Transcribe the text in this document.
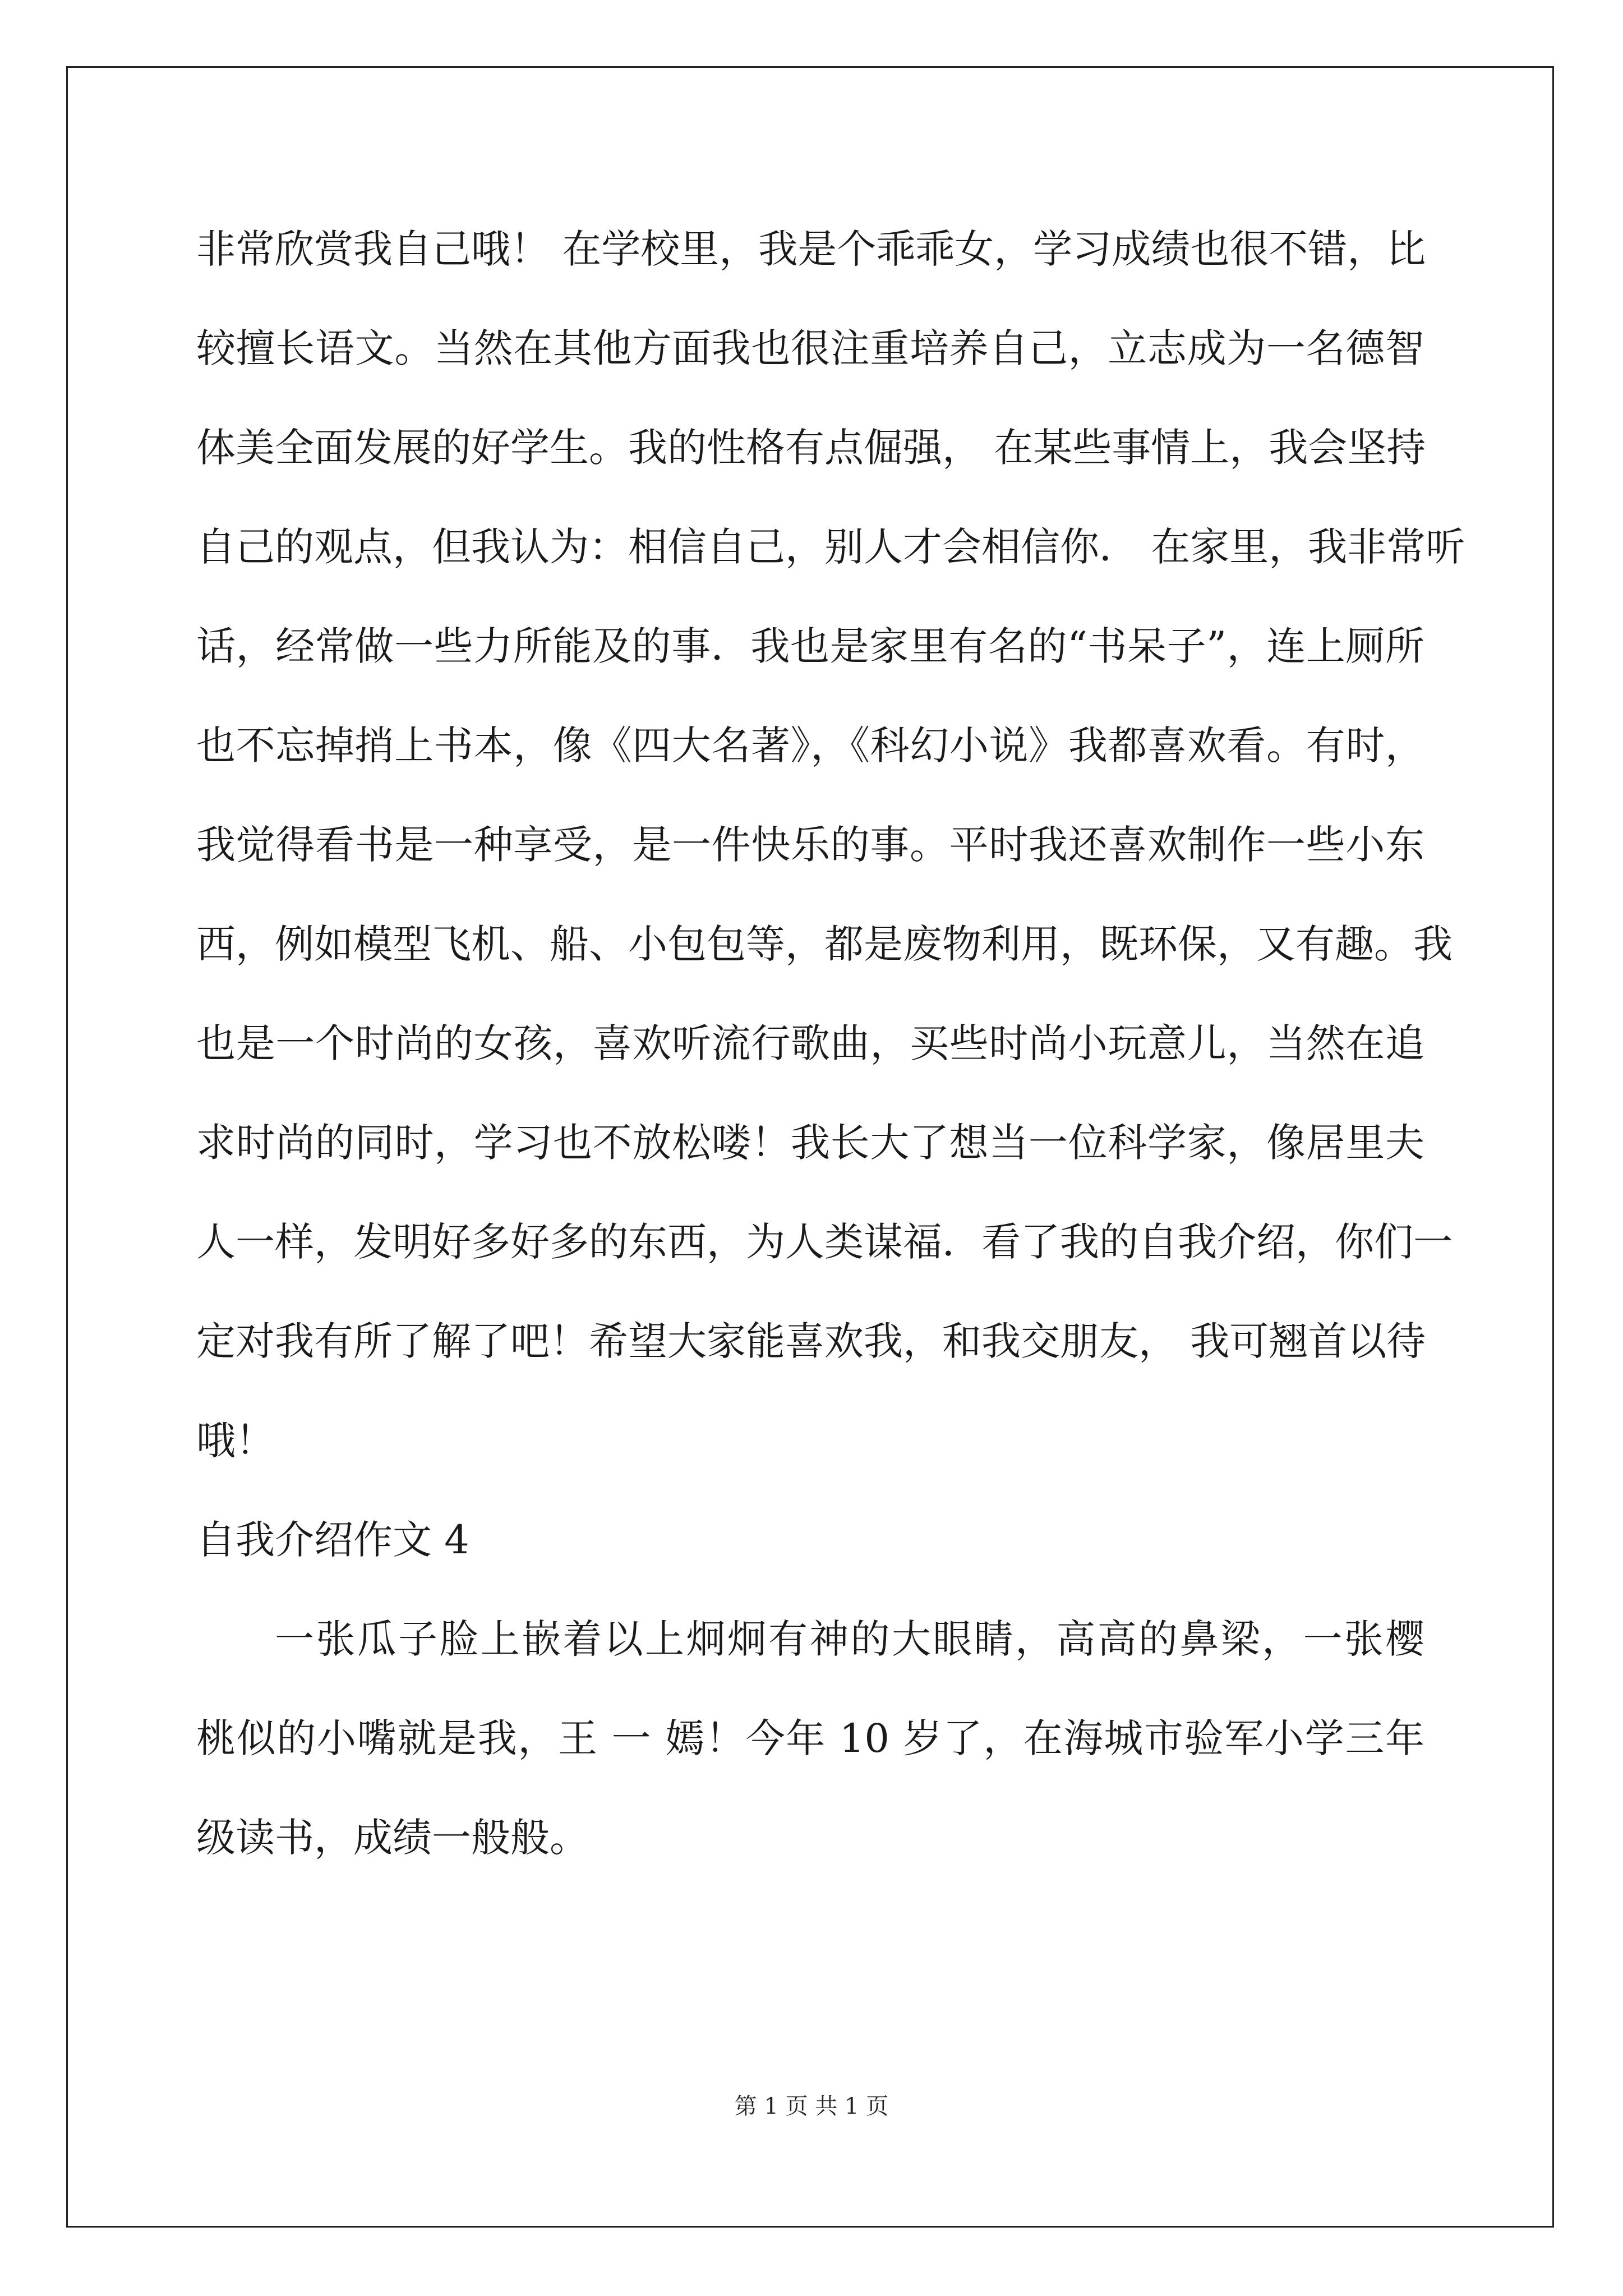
非常欣赏我自己哦！ 在学校里，我是个乖乖女，学习成绩也很不错，比
较擅长语文。当然在其他方面我也很注重培养自己，立志成为一名德智
体美全面发展的好学生。我的性格有点倔强， 在某些事情上，我会坚持
自己的观点，但我认为：相信自己，别人才会相信你． 在家里，我非常听
话，经常做一些力所能及的事．我也是家里有名的“书呆子”，连上厕所
也不忘掉捎上书本，像《四大名著》，《科幻小说》我都喜欢看。有时，
我觉得看书是一种享受，是一件快乐的事。平时我还喜欢制作一些小东
西，例如模型飞机、船、小包包等，都是废物利用，既环保，又有趣。我
也是一个时尚的女孩，喜欢听流行歌曲，买些时尚小玩意儿，当然在追
求时尚的同时，学习也不放松喽！我长大了想当一位科学家，像居里夫
人一样，发明好多好多的东西，为人类谋福．看了我的自我介绍，你们一
定对我有所了解了吧！希望大家能喜欢我，和我交朋友， 我可翘首以待
哦！
自我介绍作文 4
一张瓜子脸上嵌着以上炯炯有神的大眼睛，高高的鼻梁，一张樱
桃似的小嘴就是我，王 一 嫣！今年 10 岁了，在海城市验军小学三年
级读书，成绩一般般。
第 1 页 共 1 页
